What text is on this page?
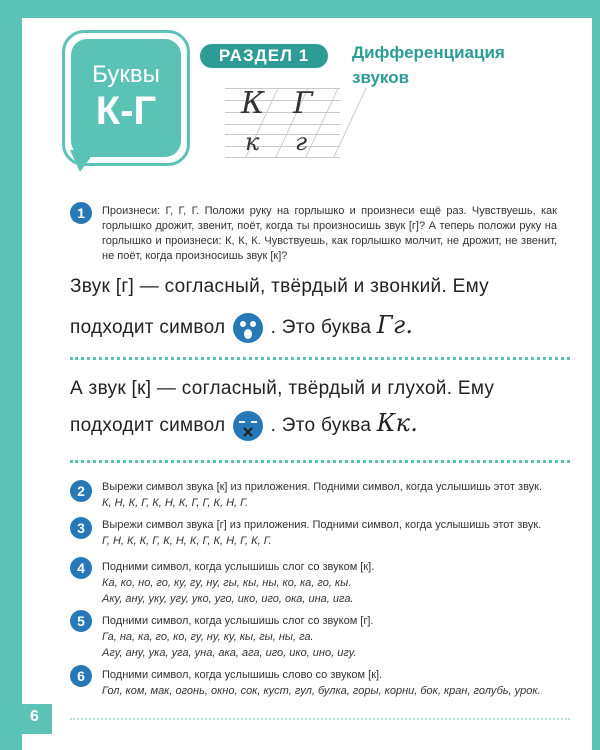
Буквы
К-Г
РАЗДЕЛ 1	Дифференциация звуков
К Г
к г
1	Произнеси: Г, Г, Г. Положи руку на горлышко и произнеси ещё раз. Чувствуешь, как горлышко дрожит, звенит, поёт, когда ты произносишь звук [г]? А теперь положи руку на горлышко и произнеси: К, К, К. Чувствуешь, как горлышко молчит, не дрожит, не звенит, не поёт, когда произносишь звук [к]?
Звук [г] — согласный, твёрдый и звонкий. Ему
подходит символ . Это буква Гг.
А звук [к] — согласный, твёрдый и глухой. Ему
подходит символ . Это буква Кк.
2	Вырежи символ звука [к] из приложения. Подними символ, когда услышишь этот звук.
К, Н, К, Г, К, Н, К, Г, Г, К, Н, Г.
3	Вырежи символ звука [г] из приложения. Подними символ, когда услышишь этот звук.
Г, Н, К, К, Г, К, Н, К, Г, К, Н, Г, К, Г.
4	Подними символ, когда услышишь слог со звуком [к].
Ка, ко, но, го, ку, гу, ну, гы, кы, ны, ко, ка, го, кы.
Аку, ану, уку, угу, уко, уго, ико, иго, ока, ина, ига.
5	Подними символ, когда услышишь слог со звуком [г].
Га, на, ка, го, ко, гу, ну, ку, кы, гы, ны, га.
Агу, ану, ука, уга, уна, ака, ага, иго, ико, ино, игу.
6	Подними символ, когда услышишь слово со звуком [к].
Гол, ком, мак, огонь, окно, сок, куст, гул, булка, горы, корни, бок, кран, голубь, урок.
6
